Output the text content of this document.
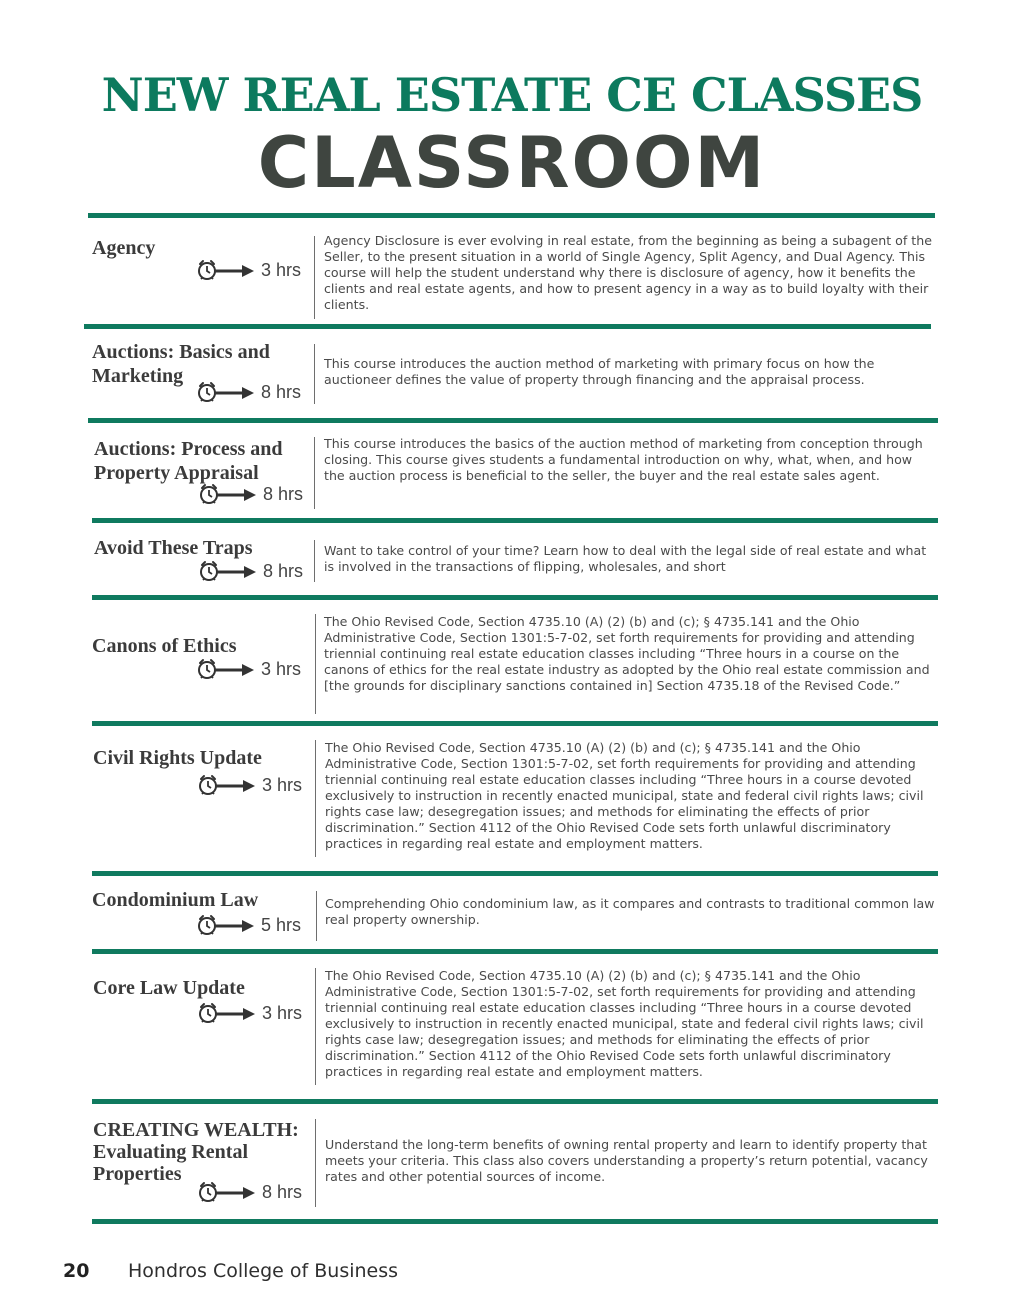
NEW REAL ESTATE CE CLASSES
CLASSROOM
Agency
3 hrs

Agency Disclosure is ever evolving in real estate, from the beginning as being a subagent of the Seller, to the present situation in a world of Single Agency, Split Agency, and Dual Agency. This course will help the student understand why there is disclosure of agency, how it benefits the clients and real estate agents, and how to present agency in a way as to build loyalty with their clients.

Auctions: Basics and Marketing
8 hrs

This course introduces the auction method of marketing with primary focus on how the auctioneer defines the value of property through financing and the appraisal process.

Auctions: Process and Property Appraisal
8 hrs

This course introduces the basics of the auction method of marketing from conception through closing. This course gives students a fundamental introduction on why, what, when, and how the auction process is beneficial to the seller, the buyer and the real estate sales agent.

Avoid These Traps
8 hrs

Want to take control of your time? Learn how to deal with the legal side of real estate and what is involved in the transactions of flipping, wholesales, and short

Canons of Ethics
3 hrs

The Ohio Revised Code, Section 4735.10 (A) (2) (b) and (c); § 4735.141 and the Ohio Administrative Code, Section 1301:5-7-02, set forth requirements for providing and attending triennial continuing real estate education classes including “Three hours in a course on the canons of ethics for the real estate industry as adopted by the Ohio real estate commission and [the grounds for disciplinary sanctions contained in] Section 4735.18 of the Revised Code.”

Civil Rights Update
3 hrs

The Ohio Revised Code, Section 4735.10 (A) (2) (b) and (c); § 4735.141 and the Ohio Administrative Code, Section 1301:5-7-02, set forth requirements for providing and attending triennial continuing real estate education classes including “Three hours in a course devoted exclusively to instruction in recently enacted municipal, state and federal civil rights laws; civil rights case law; desegregation issues; and methods for eliminating the effects of prior discrimination.” Section 4112 of the Ohio Revised Code sets forth unlawful discriminatory practices in regarding real estate and employment matters.

Condominium Law
5 hrs

Comprehending Ohio condominium law, as it compares and contrasts to traditional common law real property ownership.

Core Law Update
3 hrs

The Ohio Revised Code, Section 4735.10 (A) (2) (b) and (c); § 4735.141 and the Ohio Administrative Code, Section 1301:5-7-02, set forth requirements for providing and attending triennial continuing real estate education classes including “Three hours in a course devoted exclusively to instruction in recently enacted municipal, state and federal civil rights laws; civil rights case law; desegregation issues; and methods for eliminating the effects of prior discrimination.” Section 4112 of the Ohio Revised Code sets forth unlawful discriminatory practices in regarding real estate and employment matters.

CREATING WEALTH: Evaluating Rental Properties
8 hrs

Understand the long-term benefits of owning rental property and learn to identify property that meets your criteria. This class also covers understanding a property’s return potential, vacancy rates and other potential sources of income.

20 Hondros College of Business
